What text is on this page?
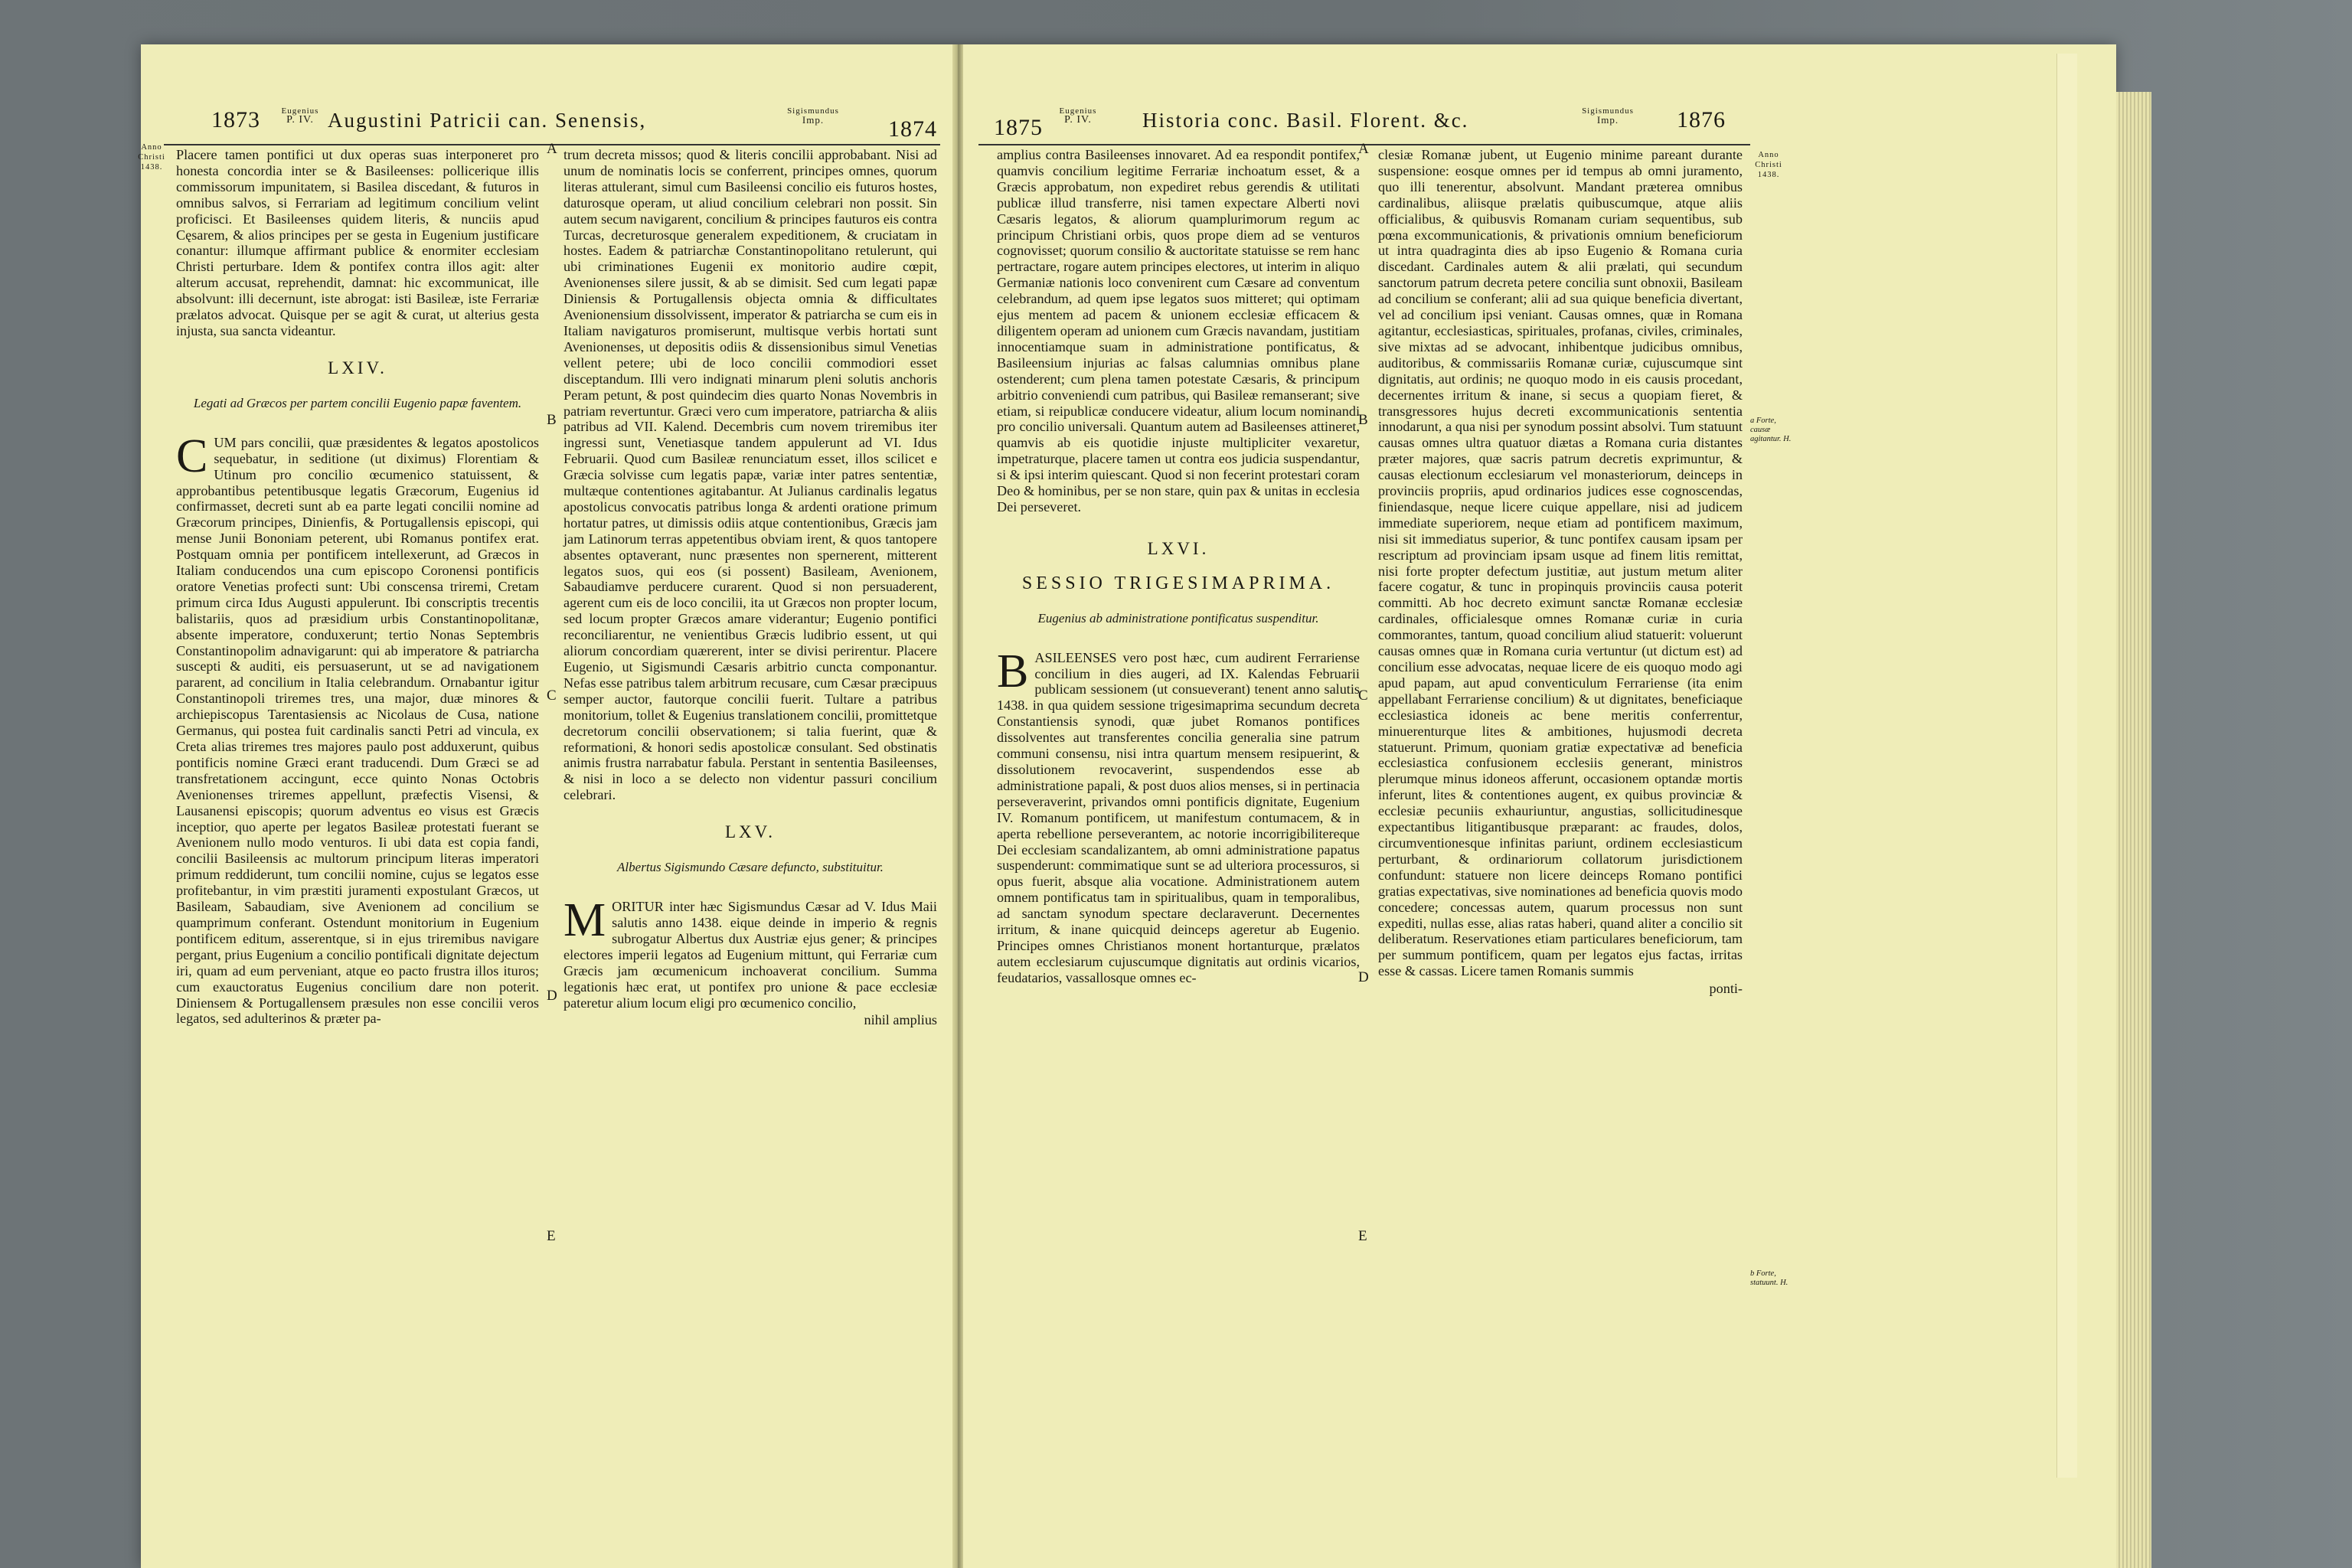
1873	Eugenius
P. IV. Augustini Patricii can. Senensis,	Sigismundus
Imp.	1874
Anno
Christi
1438.

Placere tamen pontifici ut dux operas suas interponeret pro honesta concordia inter se & Basileenses: pollicerique illis commissorum impunitatem, si Basilea discedant, & futuros in omnibus salvos, si Ferrariam ad legitimum concilium velint proficisci. Et Basileenses quidem literis, & nunciis apud Cęsarem, & alios principes per se gesta in Eugenium justificare conantur: illumque affirmant publice & enormiter ecclesiam Christi perturbare. Idem & pontifex contra illos agit: alter alterum accusat, reprehendit, damnat: hic excommunicat, ille absolvunt: illi decernunt, iste abrogat: isti Basileæ, iste Ferrariæ prælatos advocat. Quisque per se agit & curat, ut alterius gesta injusta, sua sancta videantur.

LXIV.
Legati ad Græcos per partem concilii Eugenio papæ faventem.

CUM pars concilii, quæ præsidentes & legatos apostolicos sequebatur, in seditione (ut diximus) Florentiam & Utinum pro concilio œcumenico statuissent, & approbantibus petentibusque legatis Græcorum, Eugenius id confirmasset, decreti sunt ab ea parte legati concilii nomine ad Græcorum principes, Dinienfis, & Portugallensis episcopi, qui mense Junii Bononiam peterent, ubi Romanus pontifex erat. Postquam omnia per pontificem intellexerunt, ad Græcos in Italiam conducendos una cum episcopo Coronensi pontificis oratore Venetias profecti sunt: Ubi conscensa triremi, Cretam primum circa Idus Augusti appulerunt. Ibi conscriptis trecentis balistariis, quos ad præsidium urbis Constantinopolitanæ, absente imperatore, conduxerunt; tertio Nonas Septembris Constantinopolim adnavigarunt: qui ab imperatore & patriarcha suscepti & auditi, eis persuaserunt, ut se ad navigationem pararent, ad concilium in Italia celebrandum. Ornabantur igitur Constantinopoli triremes tres, una major, duæ minores & archiepiscopus Tarentasiensis ac Nicolaus de Cusa, natione Germanus, qui postea fuit cardinalis sancti Petri ad vincula, ex Creta alias triremes tres majores paulo post adduxerunt, quibus pontificis nomine Græci erant traducendi. Dum Græci se ad transfretationem accingunt, ecce quinto Nonas Octobris Avenionenses triremes appellunt, præfectis Visensi, & Lausanensi episcopis; quorum adventus eo visus est Græcis inceptior, quo aperte per legatos Basileæ protestati fuerant se Avenionem nullo modo venturos. Ii ubi data est copia fandi, concilii Basileensis ac multorum principum literas imperatori primum reddiderunt, tum concilii nomine, cujus se legatos esse profitebantur, in vim præstiti juramenti expostulant Græcos, ut Basileam, Sabaudiam, sive Avenionem ad concilium se quamprimum conferant. Ostendunt monitorium in Eugenium pontificem editum, asserentque, si in ejus triremibus navigare pergant, prius Eugenium a concilio pontificali dignitate dejectum iri, quam ad eum perveniant, atque eo pacto frustra illos ituros; cum exauctoratus Eugenius concilium dare non poterit. Diniensem & Portugallensem præsules non esse concilii veros legatos, sed adulterinos & præter pa-

A
B
C
D
E

trum decreta missos; quod & literis concilii approbabant. Nisi ad unum de nominatis locis se conferrent, principes omnes, quorum literas attulerant, simul cum Basileensi concilio eis futuros hostes, daturosque operam, ut aliud concilium celebrari non possit. Sin autem secum navigarent, concilium & principes fauturos eis contra Turcas, decreturosque generalem expeditionem, & cruciatam in hostes. Eadem & patriarchæ Constantinopolitano retulerunt, qui ubi criminationes Eugenii ex monitorio audire cœpit, Avenionenses silere jussit, & ab se dimisit. Sed cum legati papæ Diniensis & Portugallensis objecta omnia & difficultates Avenionensium dissolvissent, imperator & patriarcha se cum eis in Italiam navigaturos promiserunt, multisque verbis hortati sunt Avenionenses, ut depositis odiis & dissensionibus simul Venetias vellent petere; ubi de loco concilii commodiori esset disceptandum. Illi vero indignati minarum pleni solutis anchoris Peram petunt, & post quindecim dies quarto Nonas Novembris in patriam revertuntur. Græci vero cum imperatore, patriarcha & aliis patribus ad VII. Kalend. Decembris cum novem triremibus iter ingressi sunt, Venetiasque tandem appulerunt ad VI. Idus Februarii. Quod cum Basileæ renunciatum esset, illos scilicet e Græcia solvisse cum legatis papæ, variæ inter patres sententiæ, multæque contentiones agitabantur. At Julianus cardinalis legatus apostolicus convocatis patribus longa & ardenti oratione primum hortatur patres, ut dimissis odiis atque contentionibus, Græcis jam jam Latinorum terras appetentibus obviam irent, & quos tantopere absentes optaverant, nunc præsentes non spernerent, mitterent legatos suos, qui eos (si possent) Basileam, Avenionem, Sabaudiamve perducere curarent. Quod si non persuaderent, agerent cum eis de loco concilii, ita ut Græcos non propter locum, sed locum propter Græcos amare viderantur; Eugenio pontifici reconciliarentur, ne venientibus Græcis ludibrio essent, ut qui aliorum concordiam quærerent, inter se divisi perirentur. Placere Eugenio, ut Sigismundi Cæsaris arbitrio cuncta componantur. Nefas esse patribus talem arbitrum recusare, cum Cæsar præcipuus semper auctor, fautorque concilii fuerit. Tultare a patribus monitorium, tollet & Eugenius translationem concilii, promittetque decretorum concilii observationem; si talia fuerint, quæ & reformationi, & honori sedis apostolicæ consulant. Sed obstinatis animis frustra narrabatur fabula. Perstant in sententia Basileenses, & nisi in loco a se delecto non videntur passuri concilium celebrari.

LXV.
Albertus Sigismundo Cæsare defuncto, substituitur.

MORITUR inter hæc Sigismundus Cæsar ad V. Idus Maii salutis anno 1438. eique deinde in imperio & regnis subrogatur Albertus dux Austriæ ejus gener; & principes electores imperii legatos ad Eugenium mittunt, qui Ferrariæ cum Græcis jam œcumenicum inchoaverat concilium. Summa legationis hæc erat, ut pontifex pro unione & pace ecclesiæ pateretur alium locum eligi pro œcumenico concilio,

nihil amplius
1875
Eugenius
P. IV.	Historia conc. Basil. Florent. &c.	Sigismundus
Imp.	1876

amplius contra Basileenses innovaret. Ad ea respondit pontifex, quamvis concilium legitime Ferrariæ inchoatum esset, & a Græcis approbatum, non expediret rebus gerendis & utilitati publicæ illud transferre, nisi tamen expectare Alberti novi Cæsaris legatos, & aliorum quamplurimorum regum ac principum Christiani orbis, quos prope diem ad se venturos cognovisset; quorum consilio & auctoritate statuisse se rem hanc pertractare, rogare autem principes electores, ut interim in aliquo Germaniæ nationis loco convenirent cum Cæsare ad conventum celebrandum, ad quem ipse legatos suos mitteret; qui optimam ejus mentem ad pacem & unionem ecclesiæ efficacem & diligentem operam ad unionem cum Græcis navandam, justitiam innocentiamque suam in administratione pontificatus, & Basileensium injurias ac falsas calumnias omnibus plane ostenderent; cum plena tamen potestate Cæsaris, & principum arbitrio conveniendi cum patribus, qui Basileæ remanserant; sive etiam, si reipublicæ conducere videatur, alium locum nominandi pro concilio universali. Quantum autem ad Basileenses attineret, quamvis ab eis quotidie injuste multipliciter vexaretur, impetraturque, placere tamen ut contra eos judicia suspendantur, si & ipsi interim quiescant. Quod si non fecerint protestari coram Deo & hominibus, per se non stare, quin pax & unitas in ecclesia Dei perseveret.

LXVI.
SESSIO TRIGESIMAPRIMA.
Eugenius ab administratione pontificatus suspenditur.

BASILEENSES vero post hæc, cum audirent Ferrariense concilium in dies augeri, ad IX. Kalendas Februarii publicam sessionem (ut consueverant) tenent anno salutis 1438. in qua quidem sessione trigesimaprima secundum decreta Constantiensis synodi, quæ jubet Romanos pontifices dissolventes aut transferentes concilia generalia sine patrum communi consensu, nisi intra quartum mensem resipuerint, & dissolutionem revocaverint, suspendendos esse ab administratione papali, & post duos alios menses, si in pertinacia perseveraverint, privandos omni pontificis dignitate, Eugenium IV. Romanum pontificem, ut manifestum contumacem, & in aperta rebellione perseverantem, ac notorie incorrigibilitereque Dei ecclesiam scandalizantem, ab omni administratione papatus suspenderunt: commimatique sunt se ad ulteriora processuros, si opus fuerit, absque alia vocatione. Administrationem autem omnem pontificatus tam in spiritualibus, quam in temporalibus, ad sanctam synodum spectare declaraverunt. Decernentes irritum, & inane quicquid deinceps ageretur ab Eugenio. Principes omnes Christianos monent hortanturque, prælatos autem ecclesiarum cujuscumque dignitatis aut ordinis vicarios, feudatarios, vassallosque omnes ec-

A
B
C
D
E

clesiæ Romanæ jubent, ut Eugenio minime pareant durante suspensione: eosque omnes per id tempus ab omni juramento, quo illi tenerentur, absolvunt. Mandant præterea omnibus cardinalibus, aliisque prælatis quibuscumque, atque aliis officialibus, & quibusvis Romanam curiam sequentibus, sub pœna excommunicationis, & privationis omnium beneficiorum ut intra quadraginta dies ab ipso Eugenio & Romana curia discedant. Cardinales autem & alii prælati, qui secundum sanctorum patrum decreta petere concilia sunt obnoxii, Basileam ad concilium se conferant; alii ad sua quique beneficia divertant, vel ad concilium ipsi veniant. Causas omnes, quæ in Romana agitantur, ecclesiasticas, spirituales, profanas, civiles, criminales, sive mixtas ad se advocant, inhibentque judicibus omnibus, auditoribus, & commissariis Romanæ curiæ, cujuscumque sint dignitatis, aut ordinis; ne quoquo modo in eis causis procedant, decernentes irritum & inane, si secus a quopiam fieret, & transgressores hujus decreti excommunicationis sententia innodarunt, a qua nisi per synodum possint absolvi. Tum statuunt causas omnes ultra quatuor diætas a Romana curia distantes præter majores, quæ sacris patrum decretis exprimuntur, & causas electionum ecclesiarum vel monasteriorum, deinceps in provinciis propriis, apud ordinarios judices esse cognoscendas, finiendasque, neque licere cuique appellare, nisi ad judicem immediate superiorem, neque etiam ad pontificem maximum, nisi sit immediatus superior, & tunc pontifex causam ipsam per rescriptum ad provinciam ipsam usque ad finem litis remittat, nisi forte propter defectum justitiæ, aut justum metum aliter facere cogatur, & tunc in propinquis provinciis causa poterit committi. Ab hoc decreto eximunt sanctæ Romanæ ecclesiæ cardinales, officialesque omnes Romanæ curiæ in curia commorantes, tantum, quoad concilium aliud statuerit: voluerunt causas omnes quæ in Romana curia vertuntur (ut dictum est) ad concilium esse advocatas, nequae licere de eis quoquo modo agi apud papam, aut apud conventiculum Ferrariense (ita enim appellabant Ferrariense concilium) & ut dignitates, beneficiaque ecclesiastica idoneis ac bene meritis conferrentur, minuerenturque lites & ambitiones, hujusmodi decreta statuerunt. Primum, quoniam gratiæ expectativæ ad beneficia ecclesiastica confusionem ecclesiis generant, ministros plerumque minus idoneos afferunt, occasionem optandæ mortis inferunt, lites & contentiones augent, ex quibus provinciæ & ecclesiæ pecuniis exhauriuntur, angustias, sollicitudinesque expectantibus litigantibusque præparant: ac fraudes, dolos, circumventionesque infinitas pariunt, ordinem ecclesiasticum perturbant, & ordinariorum collatorum jurisdictionem confundunt: statuere non licere deinceps Romano pontifici gratias expectativas, sive nominationes ad beneficia quovis modo concedere; concessas autem, quarum processus non sunt expediti, nullas esse, alias ratas haberi, quand aliter a concilio sit deliberatum. Reservationes etiam particulares beneficiorum, tam per summum pontificem, quam per legatos ejus factas, irritas esse & cassas. Licere tamen Romanis summis

ponti-
Anno
Christi
1438.
a Forte, causæ agitantur. H.
b Forte, statuunt. H.
